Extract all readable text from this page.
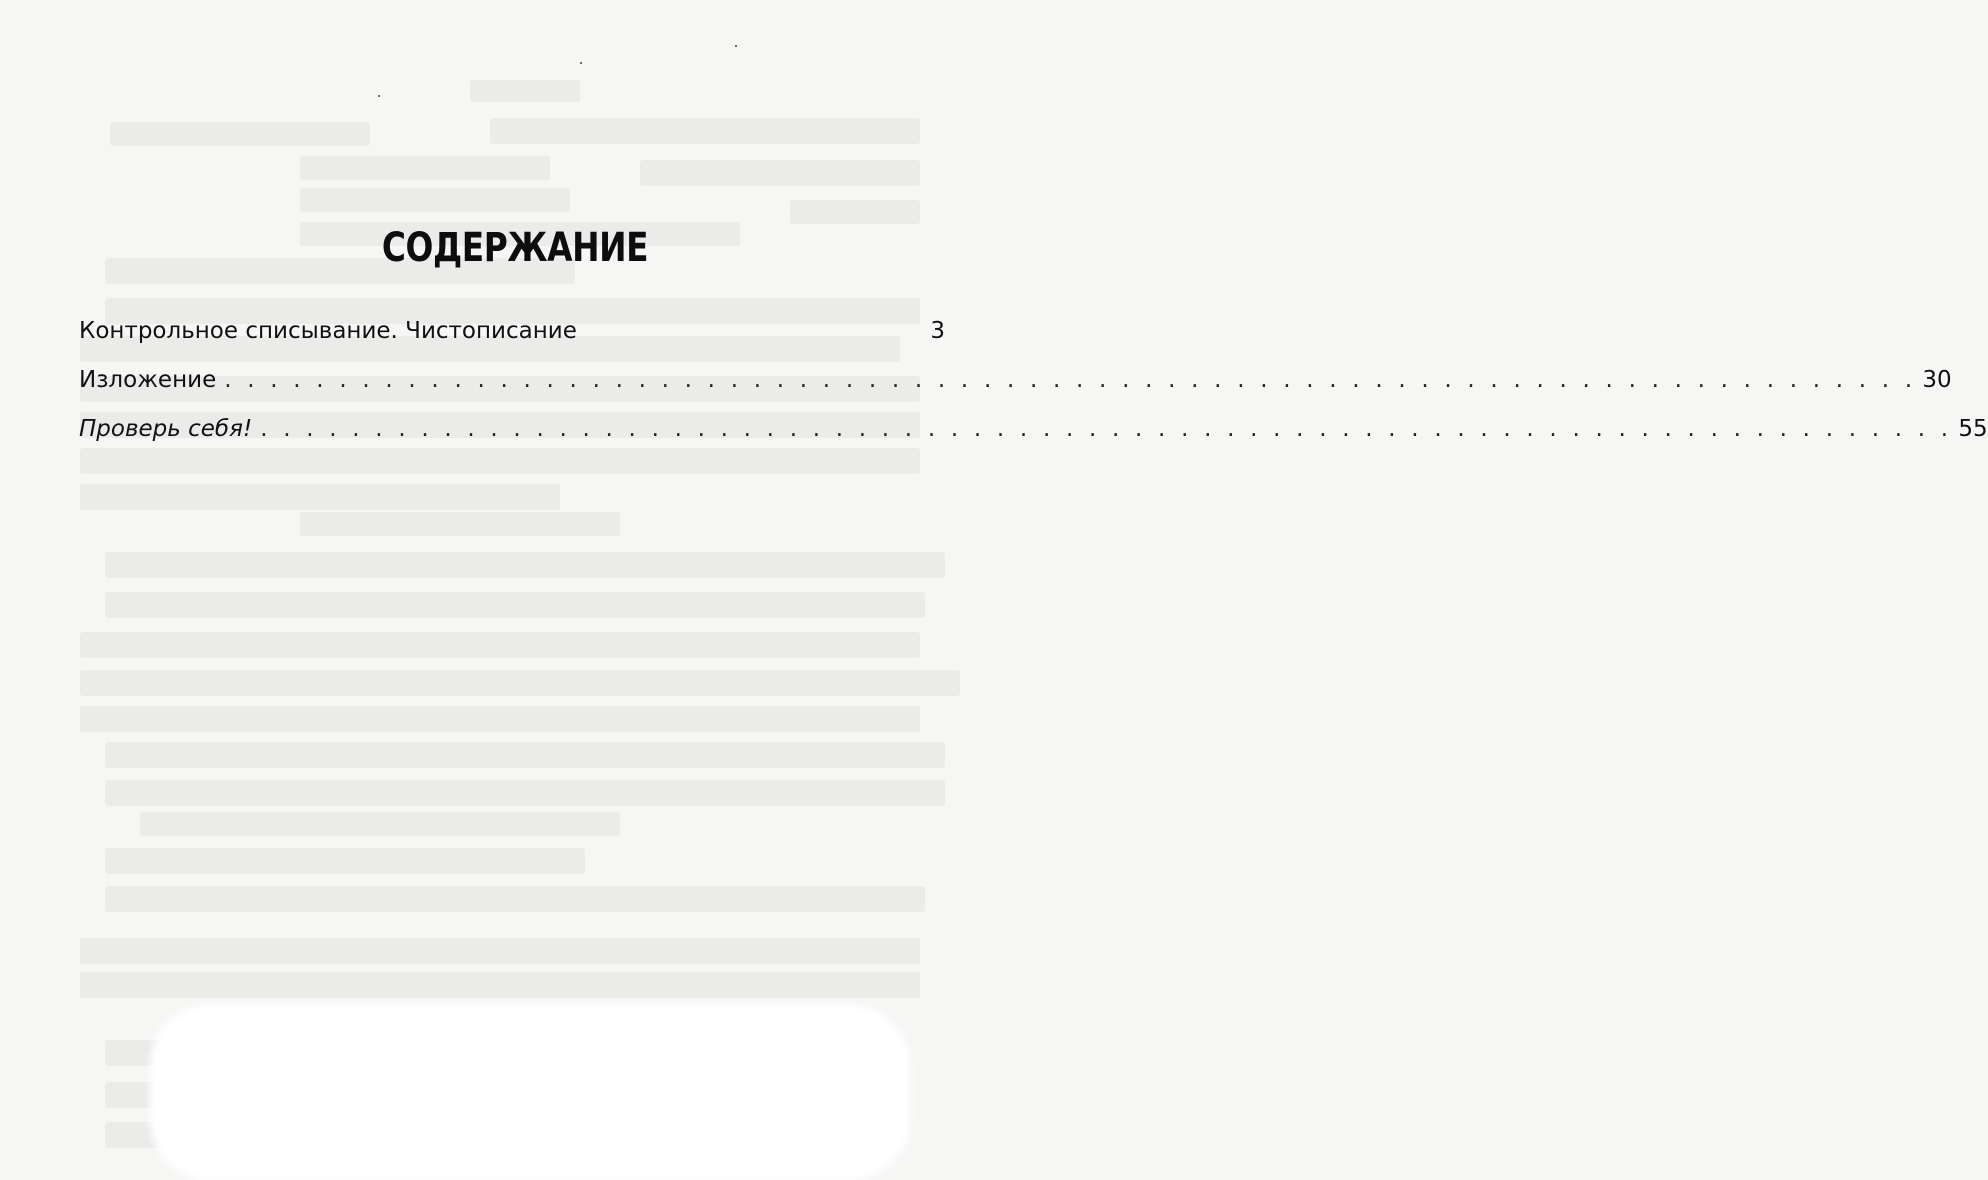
СОДЕРЖАНИЕ
Контрольное списывание. Чистописание	3
Изложение . . . . . . . . . . . . . . . . . . . . . . . . . . . . . . . . . . . . . . . . . . . . . . . . . . . . . . . . . . . . . . . . . . . . . . . . . . 30
Проверь себя! . . . . . . . . . . . . . . . . . . . . . . . . . . . . . . . . . . . . . . . . . . . . . . . . . . . . . . . . . . . . . . . . . . . . . . . . . . 55
